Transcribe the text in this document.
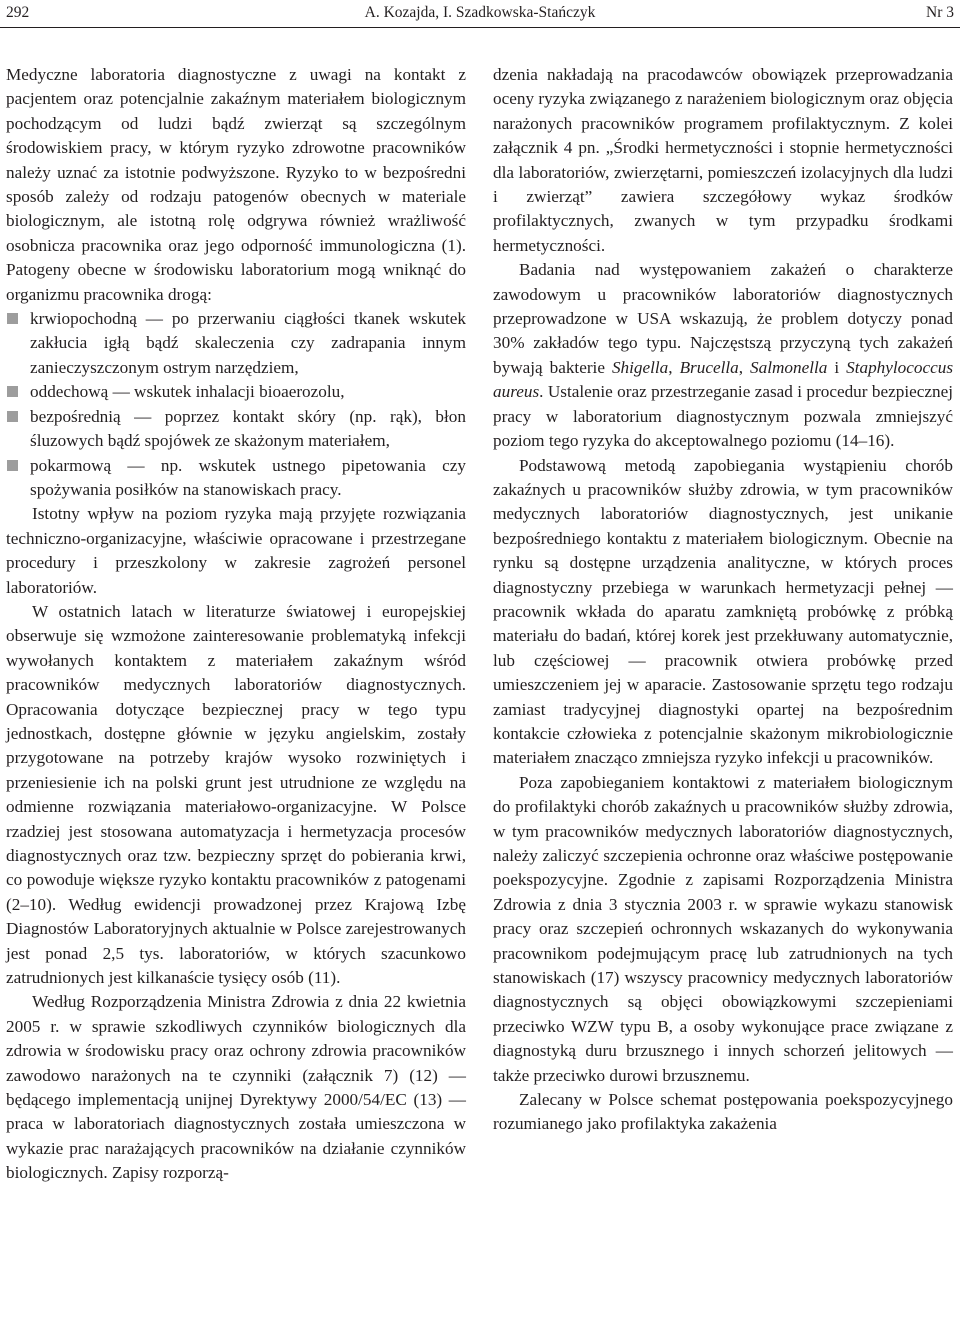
292	A. Kozajda, I. Szadkowska-Stańczyk	Nr 3

Medyczne laboratoria diagnostyczne z uwagi na kontakt z pacjentem oraz potencjalnie zakaźnym materiałem biologicznym pochodzącym od ludzi bądź zwierząt są szczególnym środowiskiem pracy, w którym ryzyko zdrowotne pracowników należy uznać za istotnie podwyższone. Ryzyko to w bezpośredni sposób zależy od rodzaju patogenów obecnych w materiale biologicznym, ale istotną rolę odgrywa również wrażliwość osobnicza pracownika oraz jego odporność immunologiczna (1). Patogeny obecne w środowisku laboratorium mogą wniknąć do organizmu pracownika drogą:

krwiopochodną — po przerwaniu ciągłości tkanek wskutek zakłucia igłą bądź skaleczenia czy zadrapania innym zanieczyszczonym ostrym narzędziem,
oddechową — wskutek inhalacji bioaerozolu,
bezpośrednią — poprzez kontakt skóry (np. rąk), błon śluzowych bądź spojówek ze skażonym materiałem,
pokarmową — np. wskutek ustnego pipetowania czy spożywania posiłków na stanowiskach pracy.

Istotny wpływ na poziom ryzyka mają przyjęte rozwiązania techniczno-organizacyjne, właściwie opracowane i przestrzegane procedury i przeszkolony w zakresie zagrożeń personel laboratoriów.

W ostatnich latach w literaturze światowej i europejskiej obserwuje się wzmożone zainteresowanie problematyką infekcji wywołanych kontaktem z materiałem zakaźnym wśród pracowników medycznych laboratoriów diagnostycznych. Opracowania dotyczące bezpiecznej pracy w tego typu jednostkach, dostępne głównie w języku angielskim, zostały przygotowane na potrzeby krajów wysoko rozwiniętych i przeniesienie ich na polski grunt jest utrudnione ze względu na odmienne rozwiązania materiałowo-organizacyjne. W Polsce rzadziej jest stosowana automatyzacja i hermetyzacja procesów diagnostycznych oraz tzw. bezpieczny sprzęt do pobierania krwi, co powoduje większe ryzyko kontaktu pracowników z patogenami (2–10). Według ewidencji prowadzonej przez Krajową Izbę Diagnostów Laboratoryjnych aktualnie w Polsce zarejestrowanych jest ponad 2,5 tys. laboratoriów, w których szacunkowo zatrudnionych jest kilkanaście tysięcy osób (11).

Według Rozporządzenia Ministra Zdrowia z dnia 22 kwietnia 2005 r. w sprawie szkodliwych czynników biologicznych dla zdrowia w środowisku pracy oraz ochrony zdrowia pracowników zawodowo narażonych na te czynniki (załącznik 7) (12) — będącego implementacją unijnej Dyrektywy 2000/54/EC (13) — praca w laboratoriach diagnostycznych została umieszczona w wykazie prac narażających pracowników na działanie czynników biologicznych. Zapisy rozporzą-

dzenia nakładają na pracodawców obowiązek przeprowadzania oceny ryzyka związanego z narażeniem biologicznym oraz objęcia narażonych pracowników programem profilaktycznym. Z kolei załącznik 4 pn. „Środki hermetyczności i stopnie hermetyczności dla laboratoriów, zwierzętarni, pomieszczeń izolacyjnych dla ludzi i zwierząt” zawiera szczegółowy wykaz środków profilaktycznych, zwanych w tym przypadku środkami hermetyczności.

Badania nad występowaniem zakażeń o charakterze zawodowym u pracowników laboratoriów diagnostycznych przeprowadzone w USA wskazują, że problem dotyczy ponad 30% zakładów tego typu. Najczęstszą przyczyną tych zakażeń bywają bakterie Shigella, Brucella, Salmonella i Staphylococcus aureus. Ustalenie oraz przestrzeganie zasad i procedur bezpiecznej pracy w laboratorium diagnostycznym pozwala zmniejszyć poziom tego ryzyka do akceptowalnego poziomu (14–16).

Podstawową metodą zapobiegania wystąpieniu chorób zakaźnych u pracowników służby zdrowia, w tym pracowników medycznych laboratoriów diagnostycznych, jest unikanie bezpośredniego kontaktu z materiałem biologicznym. Obecnie na rynku są dostępne urządzenia analityczne, w których proces diagnostyczny przebiega w warunkach hermetyzacji pełnej — pracownik wkłada do aparatu zamkniętą probówkę z próbką materiału do badań, której korek jest przekłuwany automatycznie, lub częściowej — pracownik otwiera probówkę przed umieszczeniem jej w aparacie. Zastosowanie sprzętu tego rodzaju zamiast tradycyjnej diagnostyki opartej na bezpośrednim kontakcie człowieka z potencjalnie skażonym mikrobiologicznie materiałem znacząco zmniejsza ryzyko infekcji u pracowników.

Poza zapobieganiem kontaktowi z materiałem biologicznym do profilaktyki chorób zakaźnych u pracowników służby zdrowia, w tym pracowników medycznych laboratoriów diagnostycznych, należy zaliczyć szczepienia ochronne oraz właściwe postępowanie poekspozycyjne. Zgodnie z zapisami Rozporządzenia Ministra Zdrowia z dnia 3 stycznia 2003 r. w sprawie wykazu stanowisk pracy oraz szczepień ochronnych wskazanych do wykonywania pracownikom podejmującym pracę lub zatrudnionych na tych stanowiskach (17) wszyscy pracownicy medycznych laboratoriów diagnostycznych są objęci obowiązkowymi szczepieniami przeciwko WZW typu B, a osoby wykonujące prace związane z diagnostyką duru brzusznego i innych schorzeń jelitowych — także przeciwko durowi brzusznemu.

Zalecany w Polsce schemat postępowania poekspozycyjnego rozumianego jako profilaktyka zakażenia
